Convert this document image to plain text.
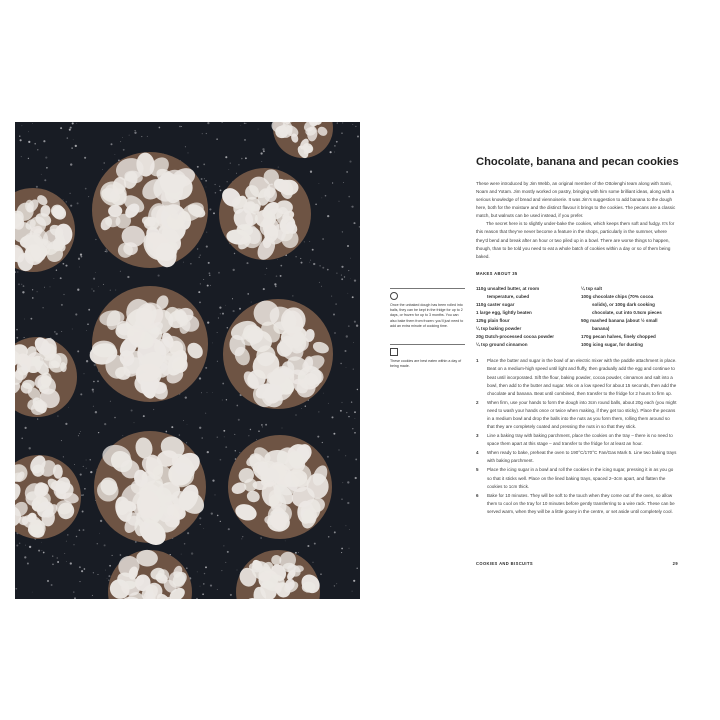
Once the unbaked dough has been rolled into balls, they can be kept in the fridge for up to 2 days, or frozen for up to 3 months. You can also bake them from frozen: you'll just need to add an extra minute of cooking time.
These cookies are best eaten within a day of being made.
Chocolate, banana and pecan cookies

These were introduced by Jim Webb, an original member of the Ottolenghi team along with Sami, Noam and Yotam. Jim mostly worked on pastry, bringing with him some brilliant ideas, along with a serious knowledge of bread and viennoiserie. It was Jim's suggestion to add banana to the dough here, both for the moisture and the distinct flavour it brings to the cookies. The pecans are a classic match, but walnuts can be used instead, if you prefer.

The secret here is to slightly under-bake the cookies, which keeps them soft and fudgy. It's for this reason that they've never become a feature in the shops, particularly in the summer, where they'd bend and break after an hour or two piled up in a bowl. There are worse things to happen, though, than to be told you need to eat a whole batch of cookies within a day or so of them being baked.

MAKES ABOUT 35
110g unsalted butter, at room
temperature, cubed
110g caster sugar
1 large egg, lightly beaten
125g plain flour
¼ tsp baking powder
20g Dutch-processed cocoa powder
¼ tsp ground cinnamon
¼ tsp salt
100g chocolate chips (70% cocoa
solids), or 100g dark cooking
chocolate, cut into 0.5cm pieces
50g mashed banana (about ½ small
banana)
170g pecan halves, finely chopped
100g icing sugar, for dusting
1 Place the butter and sugar in the bowl of an electric mixer with the paddle attachment in place. Beat on a medium-high speed until light and fluffy, then gradually add the egg and continue to beat until incorporated. Sift the flour, baking powder, cocoa powder, cinnamon and salt into a bowl, then add to the butter and sugar. Mix on a low speed for about 15 seconds, then add the chocolate and banana. Beat until combined, then transfer to the fridge for 2 hours to firm up.
2 When firm, use your hands to form the dough into 3cm round balls, about 20g each (you might need to wash your hands once or twice when making, if they get too sticky). Place the pecans in a medium bowl and drop the balls into the nuts as you form them, rolling them around so that they are completely coated and pressing the nuts in so that they stick.
3 Line a baking tray with baking parchment, place the cookies on the tray – there is no need to space them apart at this stage – and transfer to the fridge for at least an hour.
4 When ready to bake, preheat the oven to 190°C/170°C Fan/Gas Mark 5. Line two baking trays with baking parchment.
5 Place the icing sugar in a bowl and roll the cookies in the icing sugar, pressing it in as you go so that it sticks well. Place on the lined baking trays, spaced 2–3cm apart, and flatten the cookies to 1cm thick.
6 Bake for 10 minutes. They will be soft to the touch when they come out of the oven, so allow them to cool on the tray for 10 minutes before gently transferring to a wire rack. These can be served warm, when they will be a little gooey in the centre, or set aside until completely cool.
COOKIES AND BISCUITS	29
